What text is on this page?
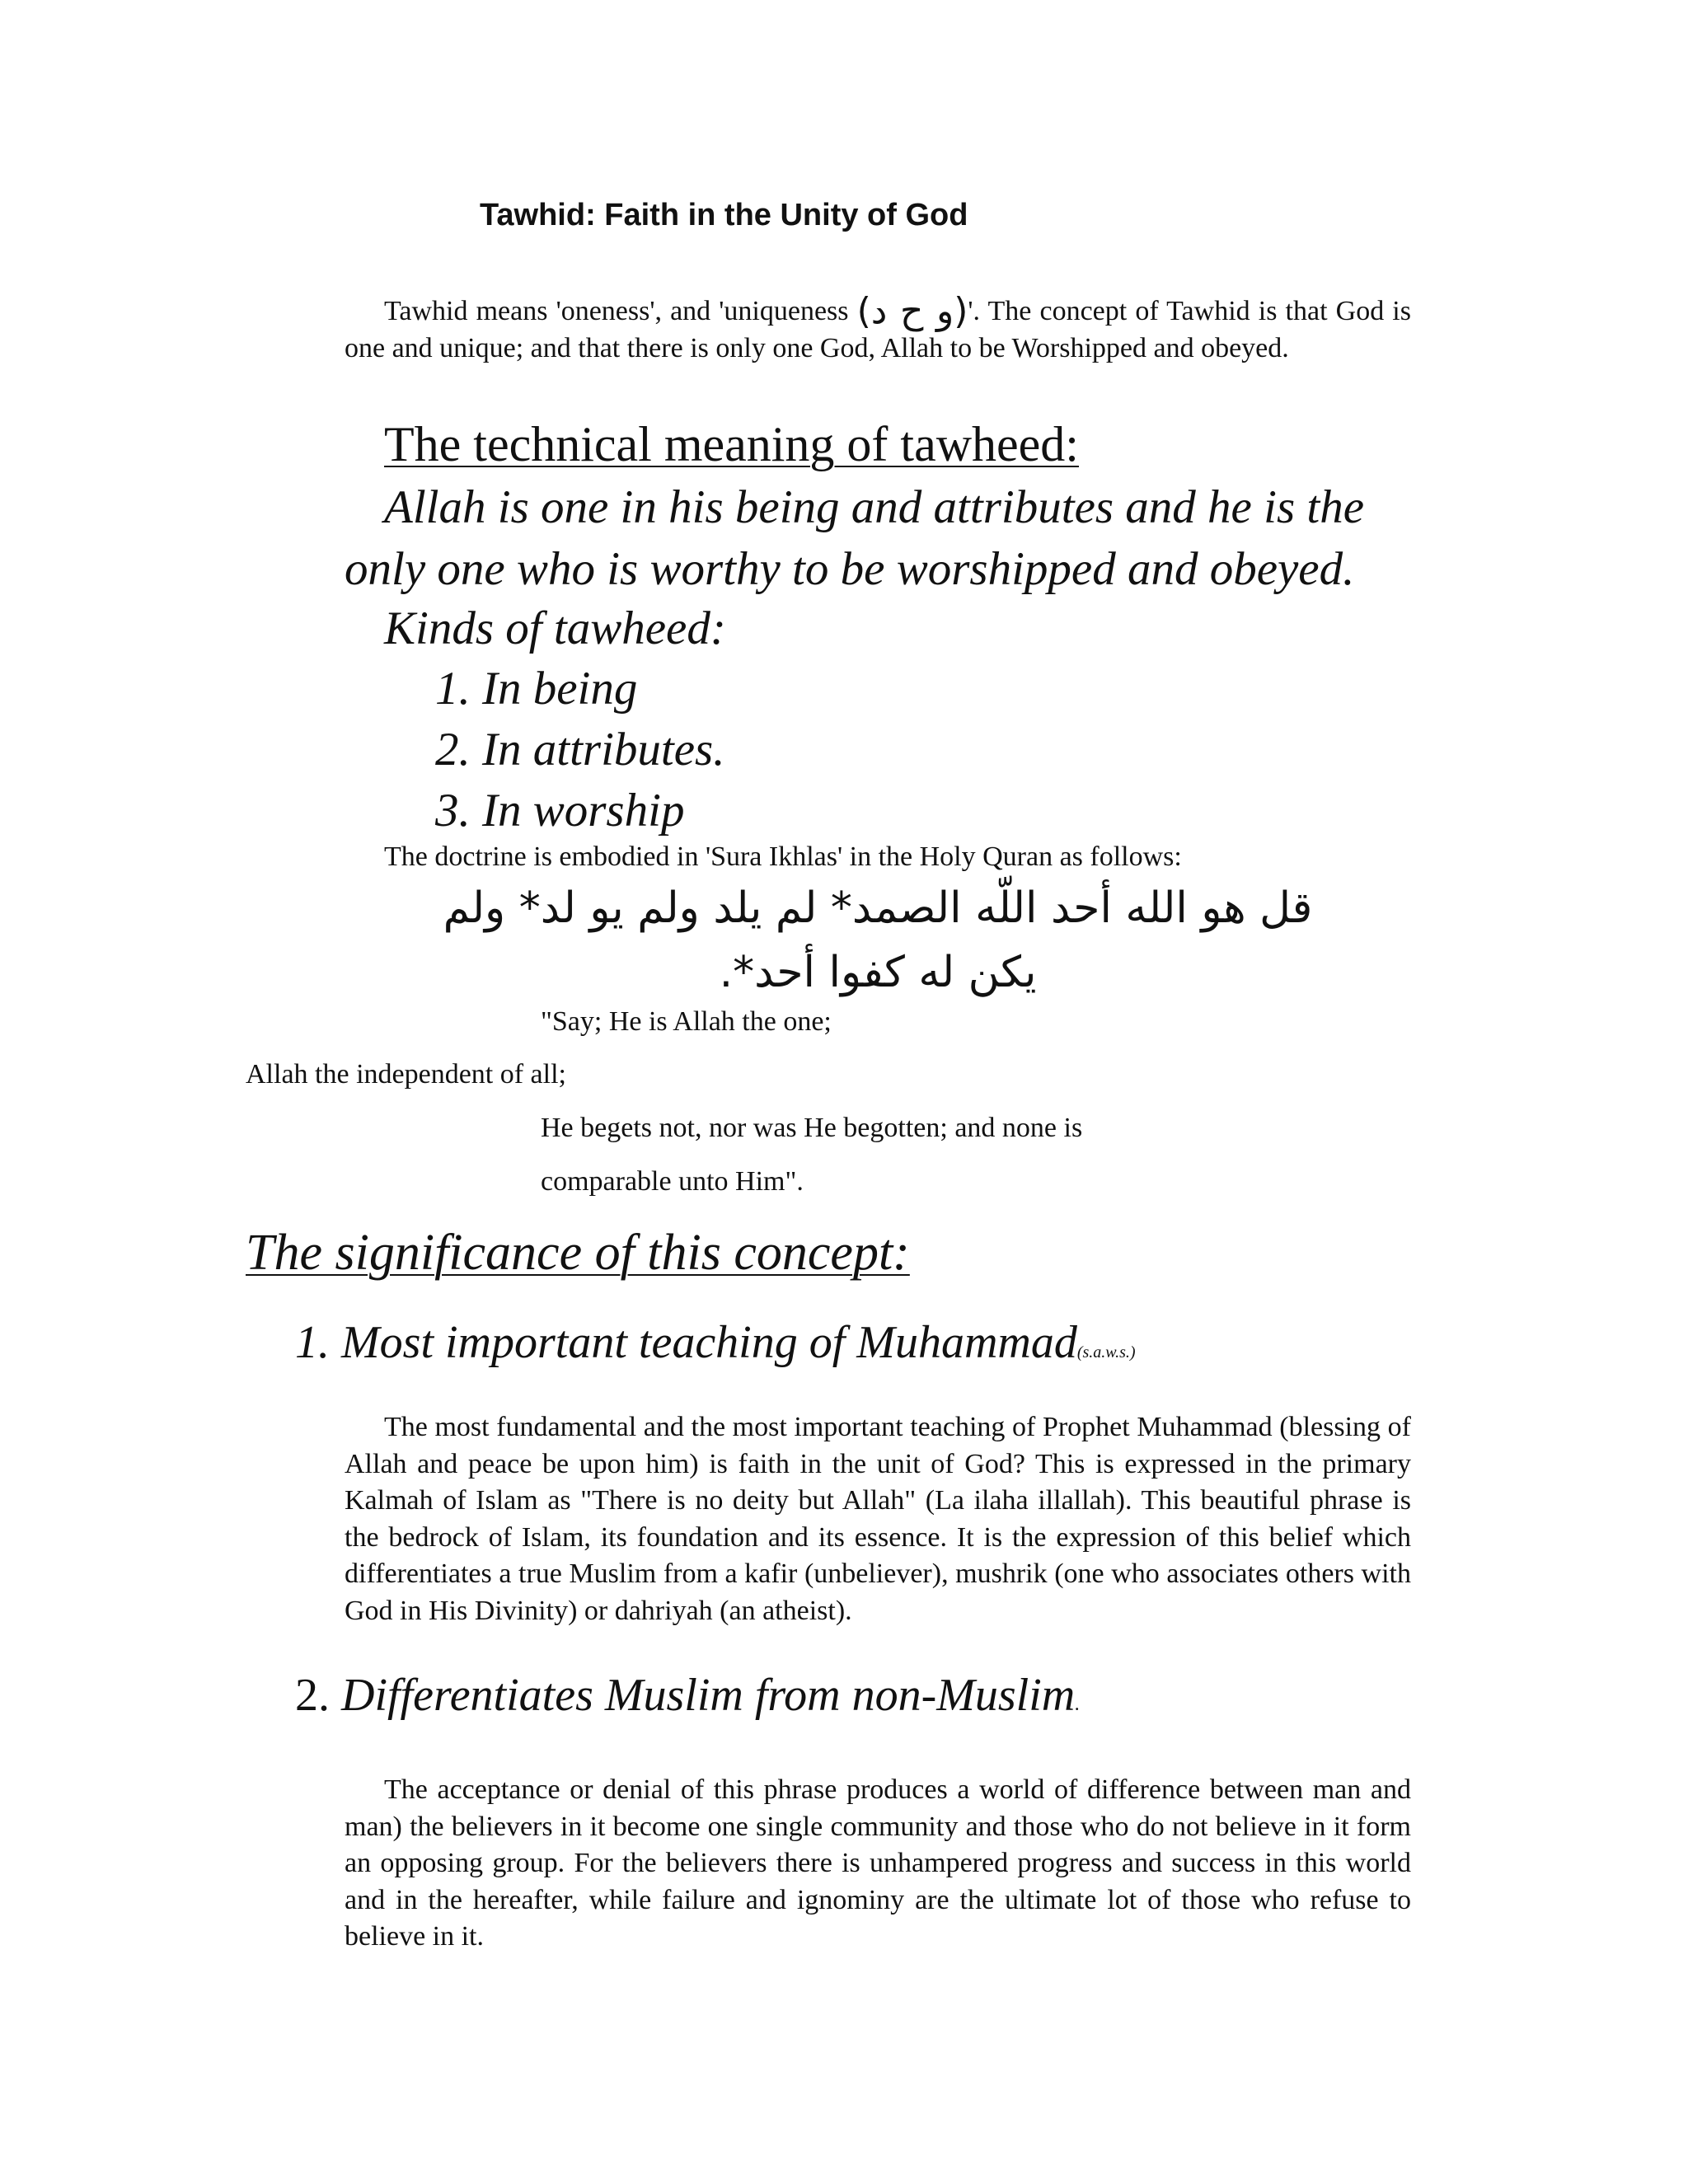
Tawhid: Faith in the Unity of God
Tawhid means 'oneness', and 'uniqueness (و ح د)'. The concept of Tawhid is that God is one and unique; and that there is only one God, Allah to be Worshipped and obeyed.
The technical meaning of tawheed:
Allah is one in his being and attributes and he is the only one who is worthy to be worshipped and obeyed.
Kinds of tawheed:
1. In being
2. In attributes.
3. In worship
The doctrine is embodied in 'Sura Ikhlas' in the Holy Quran as follows:
قل هو الله أحد اللّه الصمد* لم يلد ولم يو لد* ولم
يكن له كفوا أحد*.
"Say; He is Allah the one;
Allah the independent of all;
He begets not, nor was He begotten; and none is
comparable unto Him".
The significance of this concept:
1. Most important teaching of Muhammad(s.a.w.s.)
The most fundamental and the most important teaching of Prophet Muhammad (blessing of Allah and peace be upon him) is faith in the unit of God? This is expressed in the primary Kalmah of Islam as "There is no deity but Allah" (La ilaha illallah). This beautiful phrase is the bedrock of Islam, its foundation and its essence. It is the expression of this belief which differentiates a true Muslim from a kafir (unbeliever), mushrik (one who associates others with God in His Divinity) or dahriyah (an atheist).
2. Differentiates Muslim from non-Muslim.
The acceptance or denial of this phrase produces a world of difference between man and man) the believers in it become one single community and those who do not believe in it form an opposing group. For the believers there is unhampered progress and success in this world and in the hereafter, while failure and ignominy are the ultimate lot of those who refuse to believe in it.
